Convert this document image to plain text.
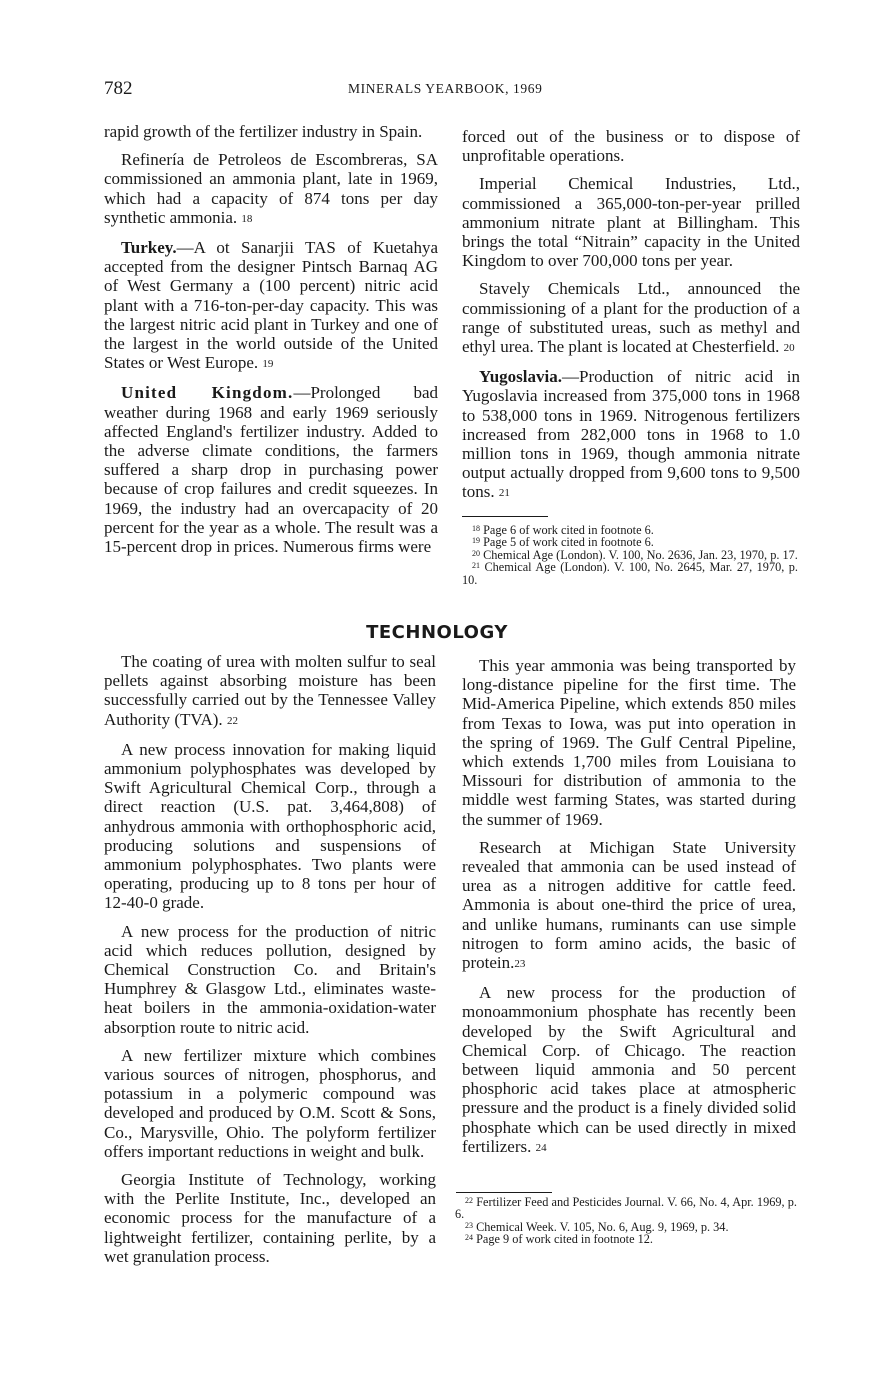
782	MINERALS YEARBOOK, 1969

rapid growth of the fertilizer industry in Spain.

Refinería de Petroleos de Escombreras, SA commissioned an ammonia plant, late in 1969, which had a capacity of 874 tons per day synthetic ammonia. 18

Turkey.—A ot Sanarjii TAS of Kuetahya accepted from the designer Pintsch Barnaq AG of West Germany a (100 percent) nitric acid plant with a 716-ton-per-day capacity. This was the largest nitric acid plant in Turkey and one of the largest in the world outside of the United States or West Europe. 19

United Kingdom.—Prolonged bad weather during 1968 and early 1969 seriously affected England's fertilizer industry. Added to the adverse climate conditions, the farmers suffered a sharp drop in purchasing power because of crop failures and credit squeezes. In 1969, the industry had an overcapacity of 20 percent for the year as a whole. The result was a 15-percent drop in prices. Numerous firms were

forced out of the business or to dispose of unprofitable operations.

Imperial Chemical Industries, Ltd., commissioned a 365,000-ton-per-year prilled ammonium nitrate plant at Billingham. This brings the total “Nitrain” capacity in the United Kingdom to over 700,000 tons per year.

Stavely Chemicals Ltd., announced the commissioning of a plant for the production of a range of substituted ureas, such as methyl and ethyl urea. The plant is located at Chesterfield. 20

Yugoslavia.—Production of nitric acid in Yugoslavia increased from 375,000 tons in 1968 to 538,000 tons in 1969. Nitrogenous fertilizers increased from 282,000 tons in 1968 to 1.0 million tons in 1969, though ammonia nitrate output actually dropped from 9,600 tons to 9,500 tons. 21

$^{18}$ Page 6 of work cited in footnote 6.

$^{19}$ Page 5 of work cited in footnote 6.

$^{20}$ Chemical Age (London). V. 100, No. 2636, Jan. 23, 1970, p. 17.

$^{21}$ Chemical Age (London). V. 100, No. 2645, Mar. 27, 1970, p. 10.

TECHNOLOGY

The coating of urea with molten sulfur to seal pellets against absorbing moisture has been successfully carried out by the Tennessee Valley Authority (TVA). 22

A new process innovation for making liquid ammonium polyphosphates was developed by Swift Agricultural Chemical Corp., through a direct reaction (U.S. pat. 3,464,808) of anhydrous ammonia with orthophosphoric acid, producing solutions and suspensions of ammonium polyphosphates. Two plants were operating, producing up to 8 tons per hour of 12-40-0 grade.

A new process for the production of nitric acid which reduces pollution, designed by Chemical Construction Co. and Britain's Humphrey & Glasgow Ltd., eliminates waste-heat boilers in the ammonia-oxidation-water absorption route to nitric acid.

A new fertilizer mixture which combines various sources of nitrogen, phosphorus, and potassium in a polymeric compound was developed and produced by O.M. Scott & Sons, Co., Marysville, Ohio. The polyform fertilizer offers important reductions in weight and bulk.

Georgia Institute of Technology, working with the Perlite Institute, Inc., developed an economic process for the manufacture of a lightweight fertilizer, containing perlite, by a wet granulation process.

This year ammonia was being transported by long-distance pipeline for the first time. The Mid-America Pipeline, which extends 850 miles from Texas to Iowa, was put into operation in the spring of 1969. The Gulf Central Pipeline, which extends 1,700 miles from Louisiana to Missouri for distribution of ammonia to the middle west farming States, was started during the summer of 1969.

Research at Michigan State University revealed that ammonia can be used instead of urea as a nitrogen additive for cattle feed. Ammonia is about one-third the price of urea, and unlike humans, ruminants can use simple nitrogen to form amino acids, the basic of protein.23

A new process for the production of monoammonium phosphate has recently been developed by the Swift Agricultural and Chemical Corp. of Chicago. The reaction between liquid ammonia and 50 percent phosphoric acid takes place at atmospheric pressure and the product is a finely divided solid phosphate which can be used directly in mixed fertilizers. 24

$^{22}$ Fertilizer Feed and Pesticides Journal. V. 66, No. 4, Apr. 1969, p. 6.

$^{23}$ Chemical Week. V. 105, No. 6, Aug. 9, 1969, p. 34.

$^{24}$ Page 9 of work cited in footnote 12.
